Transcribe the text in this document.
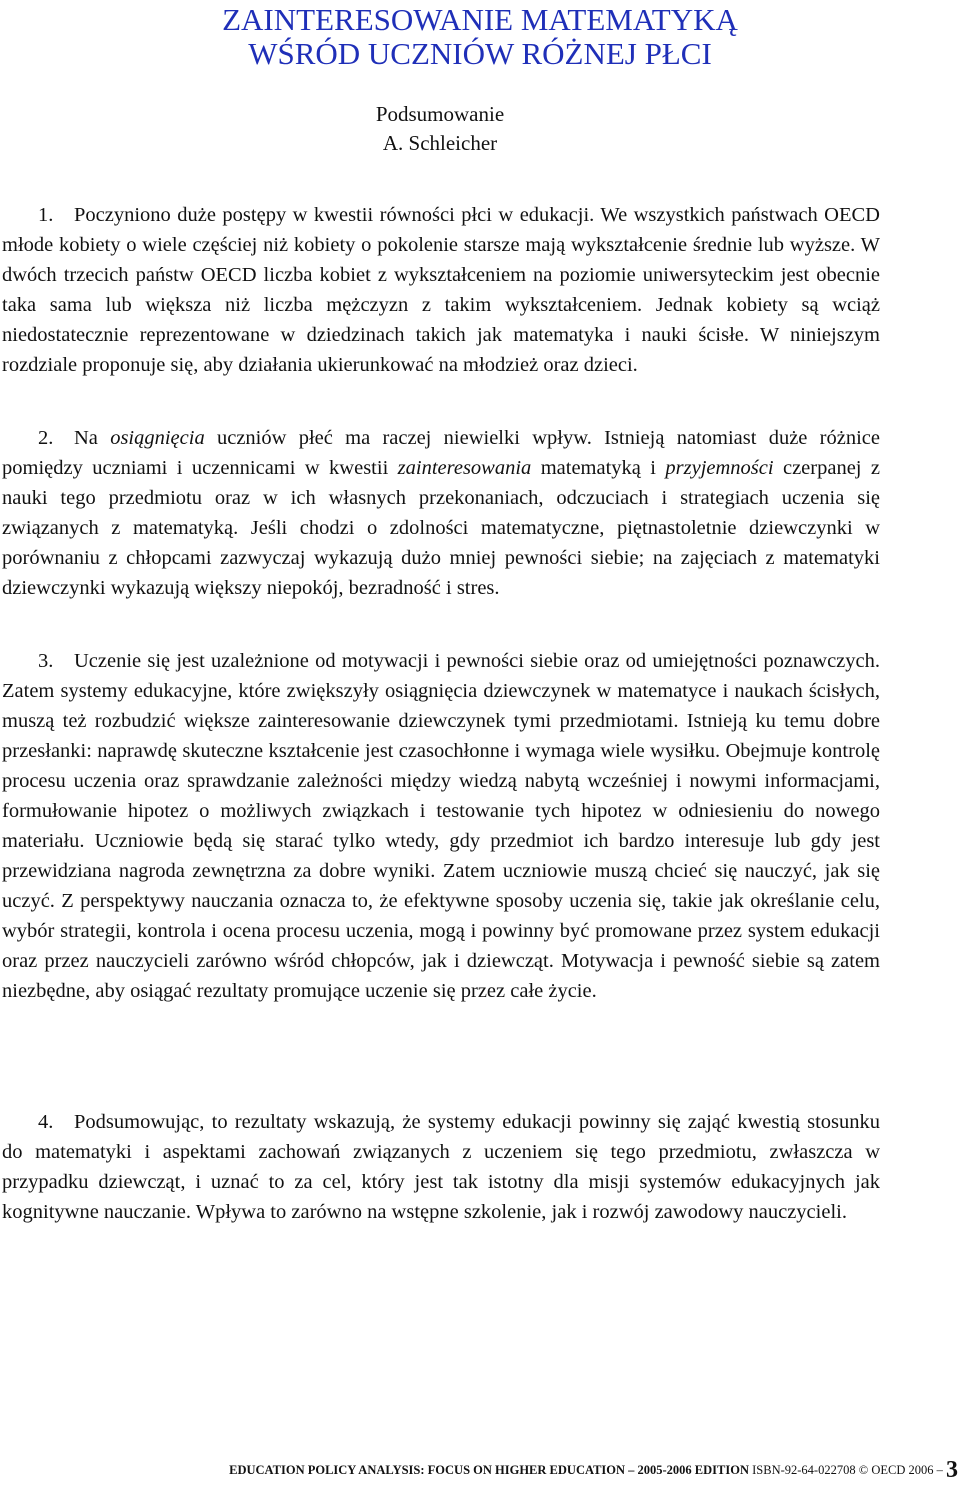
ZAINTERESOWANIE MATEMATYKĄ
WŚRÓD UCZNIÓW RÓŻNEJ PŁCI
Podsumowanie
A. Schleicher

1. Poczyniono duże postępy w kwestii równości płci w edukacji. We wszystkich państwach OECD młode kobiety o wiele częściej niż kobiety o pokolenie starsze mają wykształcenie średnie lub wyższe. W dwóch trzecich państw OECD liczba kobiet z wykształceniem na poziomie uniwersyteckim jest obecnie taka sama lub większa niż liczba mężczyzn z takim wykształceniem. Jednak kobiety są wciąż niedostatecznie reprezentowane w dziedzinach takich jak matematyka i nauki ścisłe. W niniejszym rozdziale proponuje się, aby działania ukierunkować na młodzież oraz dzieci.

2. Na osiągnięcia uczniów płeć ma raczej niewielki wpływ. Istnieją natomiast duże różnice pomiędzy uczniami i uczennicami w kwestii zainteresowania matematyką i przyjemności czerpanej z nauki tego przedmiotu oraz w ich własnych przekonaniach, odczuciach i strategiach uczenia się związanych z matematyką. Jeśli chodzi o zdolności matematyczne, piętnastoletnie dziewczynki w porównaniu z chłopcami zazwyczaj wykazują dużo mniej pewności siebie; na zajęciach z matematyki dziewczynki wykazują większy niepokój, bezradność i stres.

3. Uczenie się jest uzależnione od motywacji i pewności siebie oraz od umiejętności poznawczych. Zatem systemy edukacyjne, które zwiększyły osiągnięcia dziewczynek w matematyce i naukach ścisłych, muszą też rozbudzić większe zainteresowanie dziewczynek tymi przedmiotami. Istnieją ku temu dobre przesłanki: naprawdę skuteczne kształcenie jest czasochłonne i wymaga wiele wysiłku. Obejmuje kontrolę procesu uczenia oraz sprawdzanie zależności między wiedzą nabytą wcześniej i nowymi informacjami, formułowanie hipotez o możliwych związkach i testowanie tych hipotez w odniesieniu do nowego materiału. Uczniowie będą się starać tylko wtedy, gdy przedmiot ich bardzo interesuje lub gdy jest przewidziana nagroda zewnętrzna za dobre wyniki. Zatem uczniowie muszą chcieć się nauczyć, jak się uczyć. Z perspektywy nauczania oznacza to, że efektywne sposoby uczenia się, takie jak określanie celu, wybór strategii, kontrola i ocena procesu uczenia, mogą i powinny być promowane przez system edukacji oraz przez nauczycieli zarówno wśród chłopców, jak i dziewcząt. Motywacja i pewność siebie są zatem niezbędne, aby osiągać rezultaty promujące uczenie się przez całe życie.

4. Podsumowując, to rezultaty wskazują, że systemy edukacji powinny się zająć kwestią stosunku do matematyki i aspektami zachowań związanych z uczeniem się tego przedmiotu, zwłaszcza w przypadku dziewcząt, i uznać to za cel, który jest tak istotny dla misji systemów edukacyjnych jak kognitywne nauczanie. Wpływa to zarówno na wstępne szkolenie, jak i rozwój zawodowy nauczycieli.

EDUCATION POLICY ANALYSIS: FOCUS ON HIGHER EDUCATION – 2005-2006 EDITION ISBN-92-64-022708 © OECD 2006 – 3
